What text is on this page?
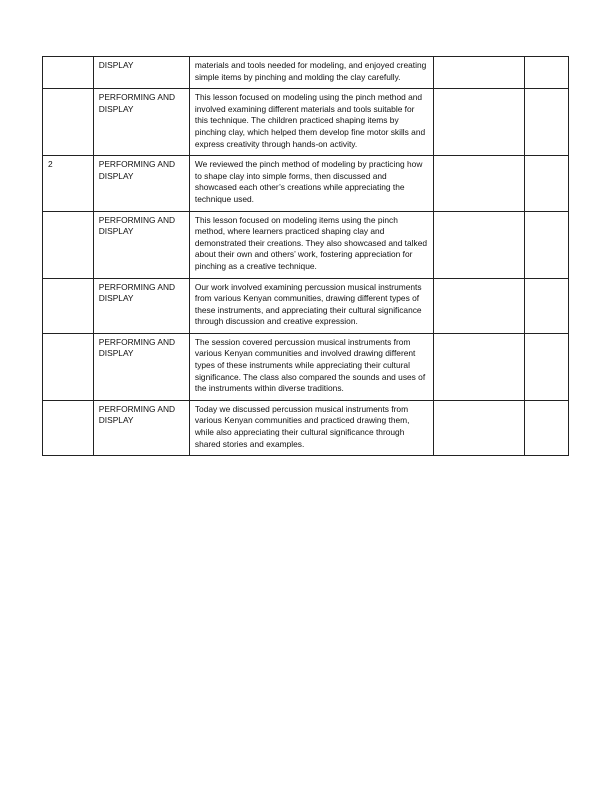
	DISPLAY	materials and tools needed for modeling, and enjoyed creating simple items by pinching and molding the clay carefully.		
	PERFORMING AND DISPLAY	This lesson focused on modeling using the pinch method and involved examining different materials and tools suitable for this technique. The children practiced shaping items by pinching clay, which helped them develop fine motor skills and express creativity through hands-on activity.		

2	PERFORMING AND DISPLAY	We reviewed the pinch method of modeling by practicing how to shape clay into simple forms, then discussed and showcased each other’s creations while appreciating the technique used.		
	PERFORMING AND DISPLAY	This lesson focused on modeling items using the pinch method, where learners practiced shaping clay and demonstrated their creations. They also showcased and talked about their own and others’ work, fostering appreciation for pinching as a creative technique.		
	PERFORMING AND DISPLAY	Our work involved examining percussion musical instruments from various Kenyan communities, drawing different types of these instruments, and appreciating their cultural significance through discussion and creative expression.		
	PERFORMING AND DISPLAY	The session covered percussion musical instruments from various Kenyan communities and involved drawing different types of these instruments while appreciating their cultural significance. The class also compared the sounds and uses of the instruments within diverse traditions.		
	PERFORMING AND DISPLAY	Today we discussed percussion musical instruments from various Kenyan communities and practiced drawing them, while also appreciating their cultural significance through shared stories and examples.		
